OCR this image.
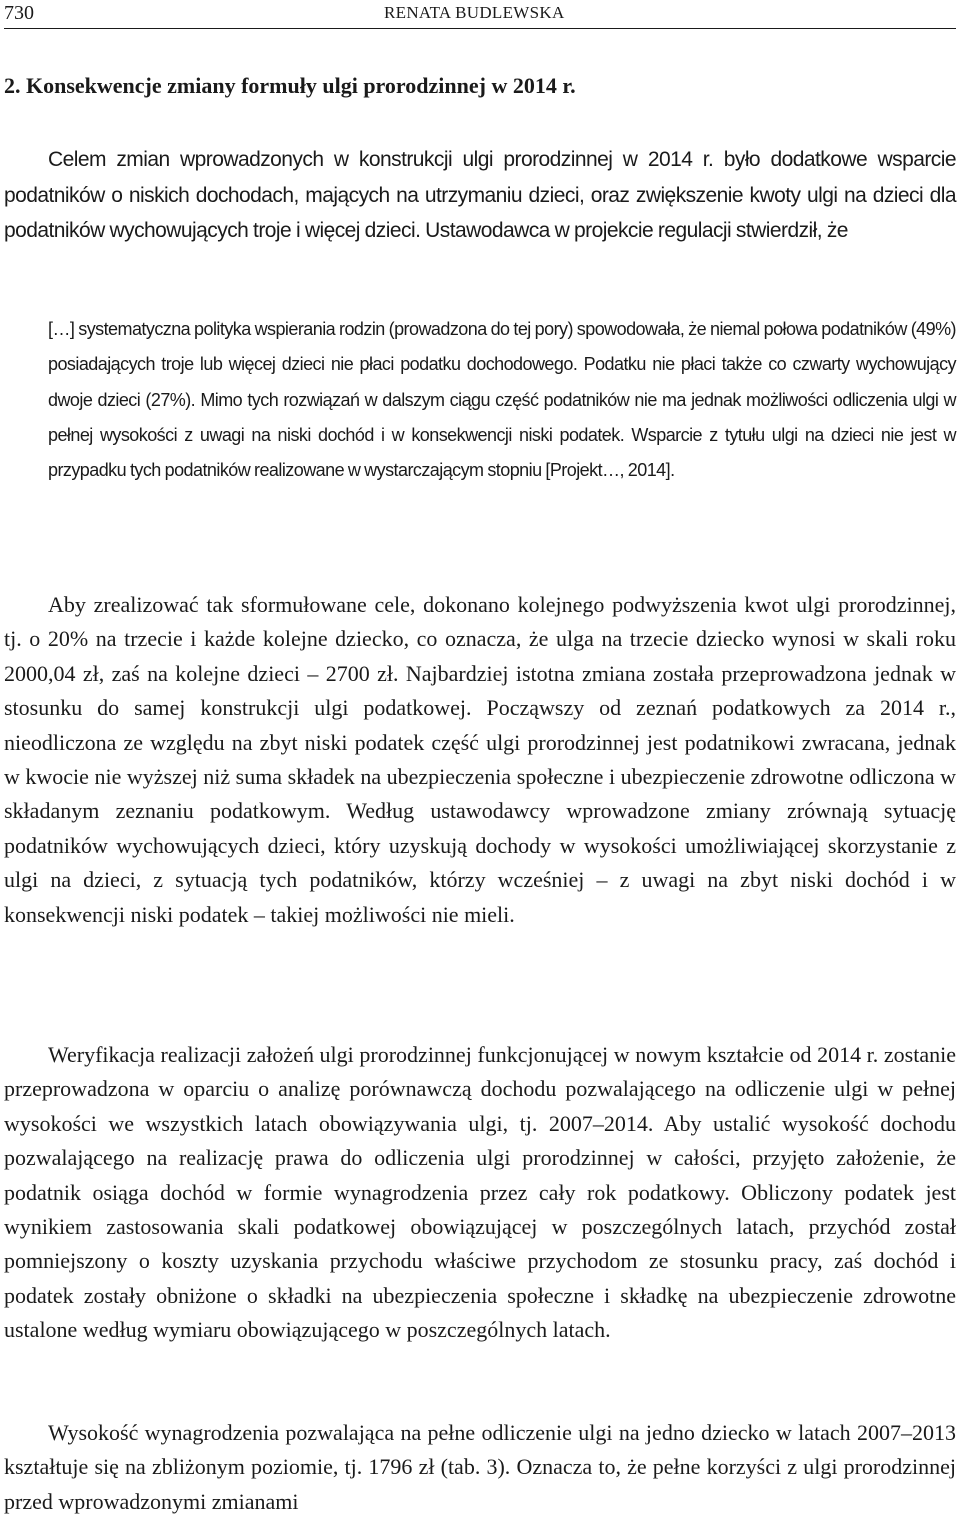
730	RENATA BUDLEWSKA
2. Konsekwencje zmiany formuły ulgi prorodzinnej w 2014 r.

Celem zmian wprowadzonych w konstrukcji ulgi prorodzinnej w 2014 r. było dodatkowe wsparcie podatników o niskich dochodach, mających na utrzymaniu dzieci, oraz zwiększenie kwoty ulgi na dzieci dla podatników wychowujących troje i więcej dzieci. Ustawodawca w projekcie regulacji stwierdził, że

[…] systematyczna polityka wspierania rodzin (prowadzona do tej pory) spowodowała, że niemal połowa podatników (49%) posiadających troje lub więcej dzieci nie płaci podatku dochodowego. Podatku nie płaci także co czwarty wychowujący dwoje dzieci (27%). Mimo tych rozwiązań w dalszym ciągu część podatników nie ma jednak możliwości odliczenia ulgi w pełnej wysokości z uwagi na niski dochód i w konsekwencji niski podatek. Wsparcie z tytułu ulgi na dzieci nie jest w przypadku tych podatników realizowane w wystarczającym stopniu [Projekt…, 2014].

Aby zrealizować tak sformułowane cele, dokonano kolejnego podwyższenia kwot ulgi prorodzinnej, tj. o 20% na trzecie i każde kolejne dziecko, co oznacza, że ulga na trzecie dziecko wynosi w skali roku 2000,04 zł, zaś na kolejne dzieci – 2700 zł. Najbardziej istotna zmiana została przeprowadzona jednak w stosunku do samej konstrukcji ulgi podatkowej. Począwszy od zeznań podatkowych za 2014 r., nieodliczona ze względu na zbyt niski podatek część ulgi prorodzinnej jest podatnikowi zwracana, jednak w kwocie nie wyższej niż suma składek na ubezpieczenia społeczne i ubezpieczenie zdrowotne odliczona w składanym zeznaniu podatkowym. Według ustawodawcy wprowadzone zmiany zrównają sytuację podatników wychowujących dzieci, który uzyskują dochody w wysokości umożliwiającej skorzystanie z ulgi na dzieci, z sytuacją tych podatników, którzy wcześniej – z uwagi na zbyt niski dochód i w konsekwencji niski podatek – takiej możliwości nie mieli.

Weryfikacja realizacji założeń ulgi prorodzinnej funkcjonującej w nowym kształcie od 2014 r. zostanie przeprowadzona w oparciu o analizę porównawczą dochodu pozwalającego na odliczenie ulgi w pełnej wysokości we wszystkich latach obowiązywania ulgi, tj. 2007–2014. Aby ustalić wysokość dochodu pozwalającego na realizację prawa do odliczenia ulgi prorodzinnej w całości, przyjęto założenie, że podatnik osiąga dochód w formie wynagrodzenia przez cały rok podatkowy. Obliczony podatek jest wynikiem zastosowania skali podatkowej obowiązującej w poszczególnych latach, przychód został pomniejszony o koszty uzyskania przychodu właściwe przychodom ze stosunku pracy, zaś dochód i podatek zostały obniżone o składki na ubezpieczenia społeczne i składkę na ubezpieczenie zdrowotne ustalone według wymiaru obowiązującego w poszczególnych latach.

Wysokość wynagrodzenia pozwalająca na pełne odliczenie ulgi na jedno dziecko w latach 2007–2013 kształtuje się na zbliżonym poziomie, tj. 1796 zł (tab. 3). Oznacza to, że pełne korzyści z ulgi prorodzinnej przed wprowadzonymi zmianami
